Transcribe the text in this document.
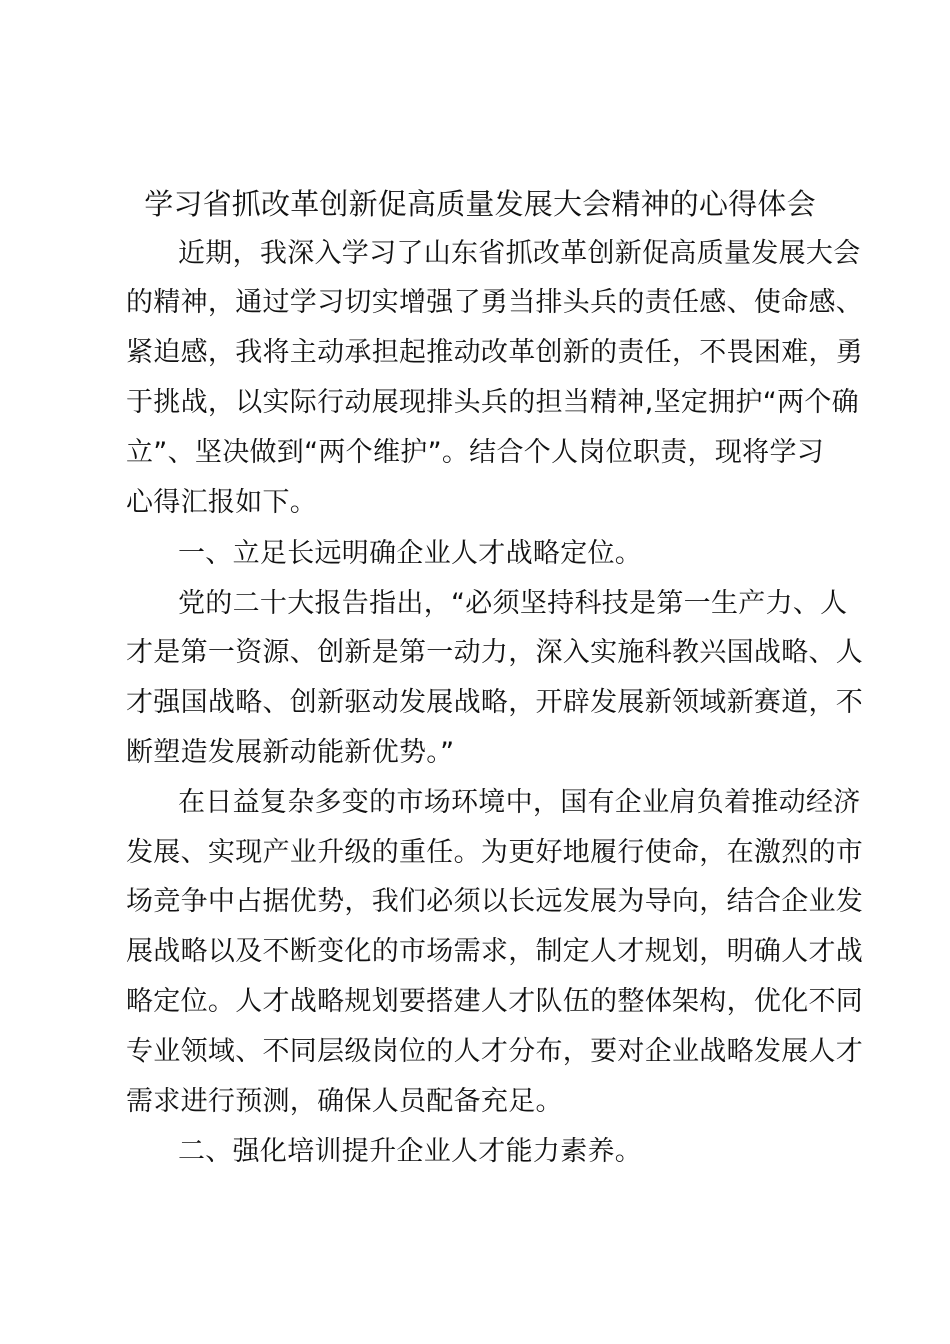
学习省抓改革创新促高质量发展大会精神的心得体会
近期，我深入学习了山东省抓改革创新促高质量发展大会
的精神，通过学习切实增强了勇当排头兵的责任感、使命感、
紧迫感，我将主动承担起推动改革创新的责任，不畏困难，勇
于挑战，以实际行动展现排头兵的担当精神,坚定拥护“两个确
立”、坚决做到“两个维护”。结合个人岗位职责，现将学习
心得汇报如下。
一、立足长远明确企业人才战略定位。
党的二十大报告指出，“必须坚持科技是第一生产力、人
才是第一资源、创新是第一动力，深入实施科教兴国战略、人
才强国战略、创新驱动发展战略，开辟发展新领域新赛道，不
断塑造发展新动能新优势。”
在日益复杂多变的市场环境中，国有企业肩负着推动经济
发展、实现产业升级的重任。为更好地履行使命，在激烈的市
场竞争中占据优势，我们必须以长远发展为导向，结合企业发
展战略以及不断变化的市场需求，制定人才规划，明确人才战
略定位。人才战略规划要搭建人才队伍的整体架构，优化不同
专业领域、不同层级岗位的人才分布，要对企业战略发展人才
需求进行预测，确保人员配备充足。
二、强化培训提升企业人才能力素养。
